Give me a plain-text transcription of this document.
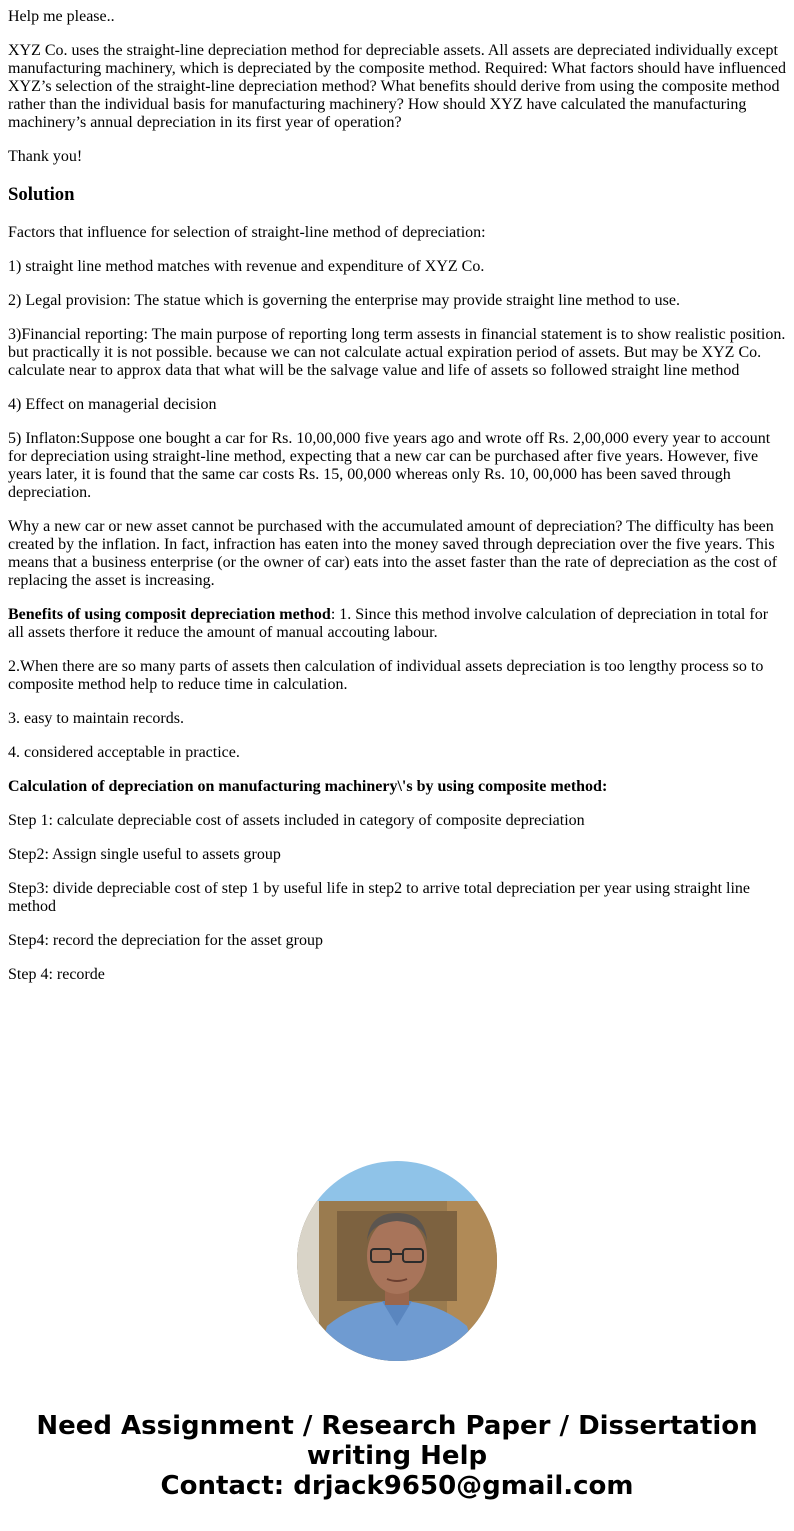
Help me please..

XYZ Co. uses the straight-line depreciation method for depreciable assets. All assets are depreciated individually except manufacturing machinery, which is depreciated by the composite method. Required: What factors should have influenced XYZ’s selection of the straight-line depreciation method? What benefits should derive from using the composite method rather than the individual basis for manufacturing machinery? How should XYZ have calculated the manufacturing machinery’s annual depreciation in its first year of operation?

Thank you!

Solution

Factors that influence for selection of straight-line method of depreciation:

1) straight line method matches with revenue and expenditure of XYZ Co.

2) Legal provision: The statue which is governing the enterprise may provide straight line method to use.

3)Financial reporting: The main purpose of reporting long term assests in financial statement is to show realistic position. but practically it is not possible. because we can not calculate actual expiration period of assets. But may be XYZ Co. calculate near to approx data that what will be the salvage value and life of assets so followed straight line method

4) Effect on managerial decision

5) Inflaton:Suppose one bought a car for Rs. 10,00,000 five years ago and wrote off Rs. 2,00,000 every year to account for depreciation using straight-line method, expecting that a new car can be purchased after five years. However, five years later, it is found that the same car costs Rs. 15, 00,000 whereas only Rs. 10, 00,000 has been saved through depreciation.

Why a new car or new asset cannot be purchased with the accumulated amount of depreciation? The difficulty has been created by the inflation. In fact, infraction has eaten into the money saved through depreciation over the five years. This means that a business enterprise (or the owner of car) eats into the asset faster than the rate of depreciation as the cost of replacing the asset is increasing.

Benefits of using composit depreciation method: 1. Since this method involve calculation of depreciation in total for all assets therfore it reduce the amount of manual accouting labour.

2.When there are so many parts of assets then calculation of individual assets depreciation is too lengthy process so to composite method help to reduce time in calculation.

3. easy to maintain records.

4. considered acceptable in practice.

Calculation of depreciation on manufacturing machinery\'s by using composite method:

Step 1: calculate depreciable cost of assets included in category of composite depreciation

Step2: Assign single useful to assets group

Step3: divide depreciable cost of step 1 by useful life in step2 to arrive total depreciation per year using straight line method

Step4: record the depreciation for the asset group

Step 4: recorde

Need Assignment / Research Paper / Dissertation
writing Help
Contact: drjack9650@gmail.com
